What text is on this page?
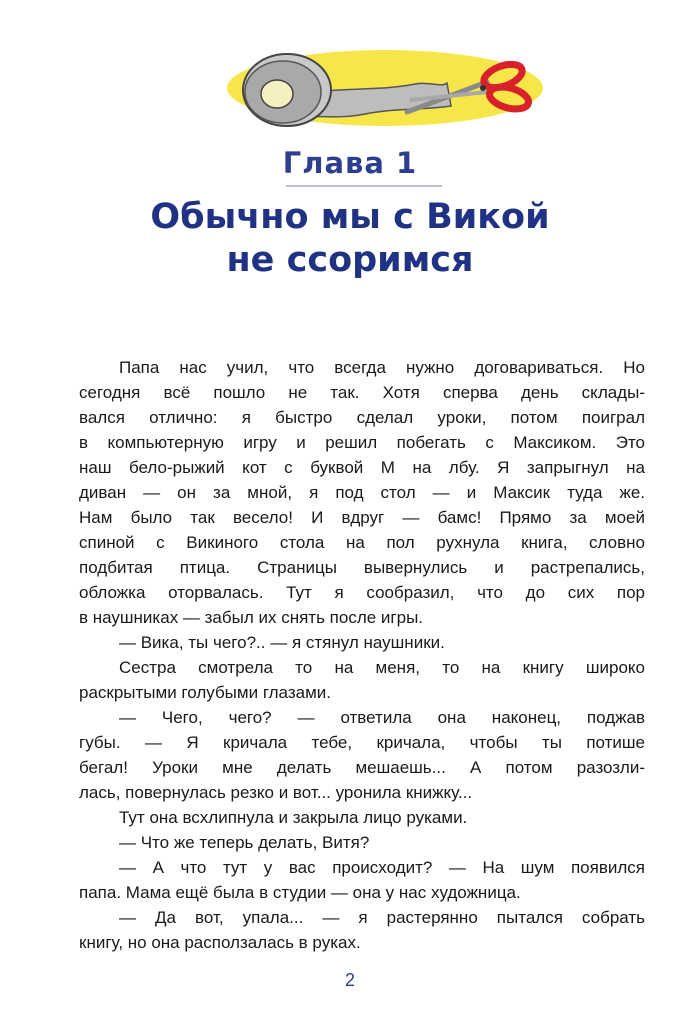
Глава 1
Обычно мы с Викой
не ссоримся
Папа нас учил, что всегда нужно договариваться. Но
сегодня всё пошло не так. Хотя сперва день склады-
вался отлично: я быстро сделал уроки, потом поиграл
в компьютерную игру и решил побегать с Максиком. Это
наш бело-рыжий кот с буквой М на лбу. Я запрыгнул на
диван — он за мной, я под стол — и Максик туда же.
Нам было так весело! И вдруг — бамс! Прямо за моей
спиной с Викиного стола на пол рухнула книга, словно
подбитая птица. Страницы вывернулись и растрепались,
обложка оторвалась. Тут я сообразил, что до сих пор
в наушниках — забыл их снять после игры.
— Вика, ты чего?.. — я стянул наушники.
Сестра смотрела то на меня, то на книгу широко
раскрытыми голубыми глазами.
— Чего, чего? — ответила она наконец, поджав
губы. — Я кричала тебе, кричала, чтобы ты потише
бегал! Уроки мне делать мешаешь... А потом разозли-
лась, повернулась резко и вот... уронила книжку...
Тут она всхлипнула и закрыла лицо руками.
— Что же теперь делать, Витя?
— А что тут у вас происходит? — На шум появился
папа. Мама ещё была в студии — она у нас художница.
— Да вот, упала... — я растерянно пытался собрать
книгу, но она расползалась в руках.
2
